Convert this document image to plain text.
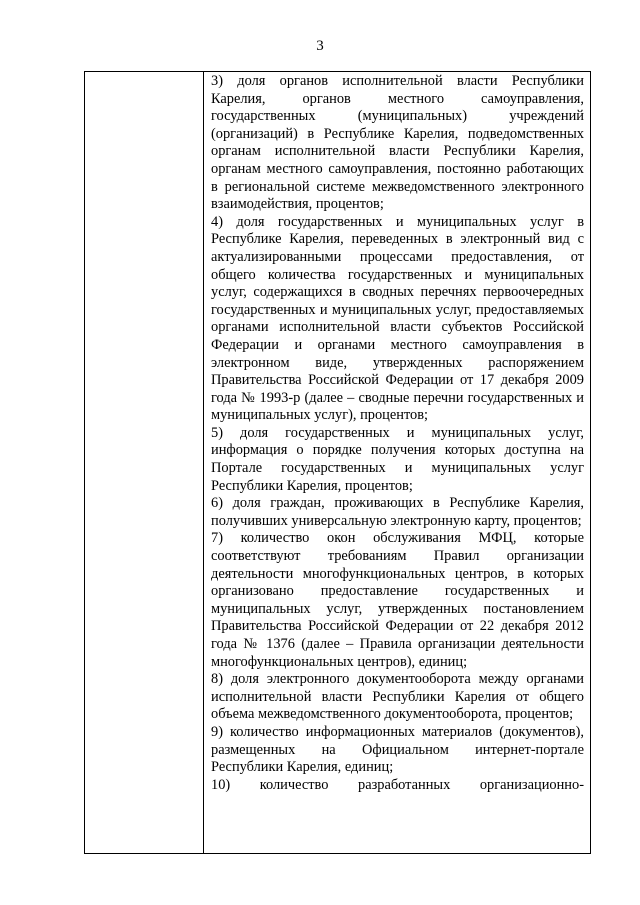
3

3) доля органов исполнительной власти Республики Карелия, органов местного самоуправления, государственных (муниципальных) учреждений (организаций) в Республике Карелия, подведомственных органам исполнительной власти Республики Карелия, органам местного самоуправления, постоянно работающих в региональной системе межведомственного электронного взаимодействия, процентов;

4) доля государственных и муниципальных услуг в Республике Карелия, переведенных в электронный вид с актуализированными процессами предоставления, от общего количества государственных и муниципальных услуг, содержащихся в сводных перечнях первоочередных государственных и муниципальных услуг, предоставляемых органами исполнительной власти субъектов Российской Федерации и органами местного самоуправления в электронном виде, утвержденных распоряжением Правительства Российской Федерации от 17 декабря 2009 года № 1993-р (далее – сводные перечни государственных и муниципальных услуг), процентов;

5) доля государственных и муниципальных услуг, информация о порядке получения которых доступна на Портале государственных и муниципальных услуг Республики Карелия, процентов;

6) доля граждан, проживающих в Республике Карелия, получивших универсальную электронную карту, процентов;

7) количество окон обслуживания МФЦ, которые соответствуют требованиям Правил организации деятельности многофункциональных центров, в которых организовано предоставление государственных и муниципальных услуг, утвержденных постановлением Правительства Российской Федерации от 22 декабря 2012 года № 1376 (далее – Правила организации деятельности многофункциональных центров), единиц;

8) доля электронного документооборота между органами исполнительной власти Республики Карелия от общего объема межведомственного документооборота, процентов;

9) количество информационных материалов (документов), размещенных на Официальном интернет-портале Республики Карелия, единиц;

10) количество разработанных организационно-
